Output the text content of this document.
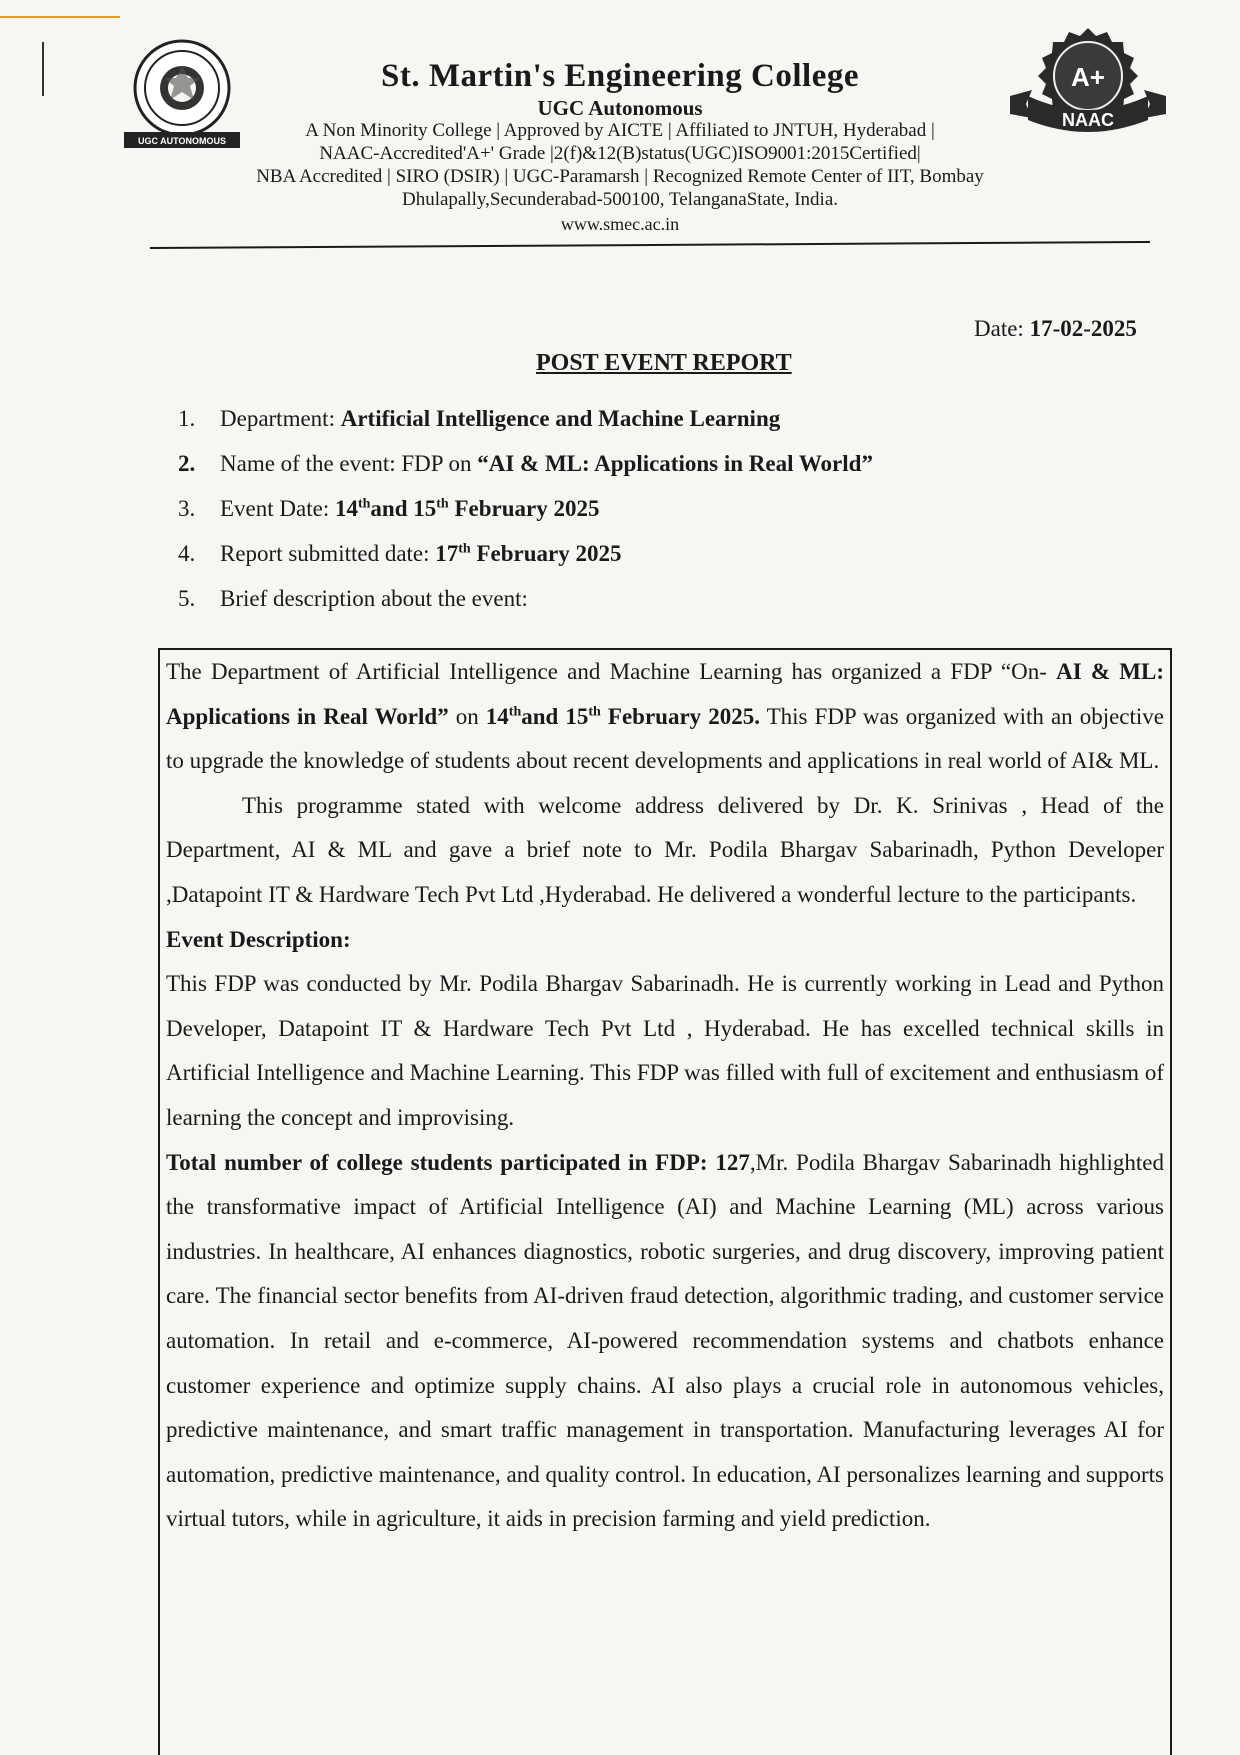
UGC AUTONOMOUS
A+
NAAC
St. Martin's Engineering College
UGC Autonomous
A Non Minority College | Approved by AICTE | Affiliated to JNTUH, Hyderabad |
NAAC-Accredited'A+' Grade |2(f)&12(B)status(UGC)ISO9001:2015Certified|
NBA Accredited | SIRO (DSIR) | UGC-Paramarsh | Recognized Remote Center of IIT, Bombay
Dhulapally,Secunderabad-500100, TelanganaState, India.
www.smec.ac.in
Date: 17-02-2025
POST EVENT REPORT
1.	Department: Artificial Intelligence and Machine Learning
2.	Name of the event: FDP on “AI & ML: Applications in Real World”
3.	Event Date: 14thand 15th February 2025
4.	Report submitted date: 17th February 2025
5.	Brief description about the event:

The Department of Artificial Intelligence and Machine Learning has organized a FDP “On- AI & ML: Applications in Real World” on 14thand 15th February 2025. This FDP was organized with an objective to upgrade the knowledge of students about recent developments and applications in real world of AI& ML.

This programme stated with welcome address delivered by Dr. K. Srinivas , Head of the Department, AI & ML and gave a brief note to Mr. Podila Bhargav Sabarinadh, Python Developer ,Datapoint IT & Hardware Tech Pvt Ltd ,Hyderabad. He delivered a wonderful lecture to the participants.

Event Description:

This FDP was conducted by Mr. Podila Bhargav Sabarinadh. He is currently working in Lead and Python Developer, Datapoint IT & Hardware Tech Pvt Ltd , Hyderabad. He has excelled technical skills in Artificial Intelligence and Machine Learning. This FDP was filled with full of excitement and enthusiasm of learning the concept and improvising.

Total number of college students participated in FDP: 127,Mr. Podila Bhargav Sabarinadh highlighted the transformative impact of Artificial Intelligence (AI) and Machine Learning (ML) across various industries. In healthcare, AI enhances diagnostics, robotic surgeries, and drug discovery, improving patient care. The financial sector benefits from AI-driven fraud detection, algorithmic trading, and customer service automation. In retail and e-commerce, AI-powered recommendation systems and chatbots enhance customer experience and optimize supply chains. AI also plays a crucial role in autonomous vehicles, predictive maintenance, and smart traffic management in transportation. Manufacturing leverages AI for automation, predictive maintenance, and quality control. In education, AI personalizes learning and supports virtual tutors, while in agriculture, it aids in precision farming and yield prediction.
